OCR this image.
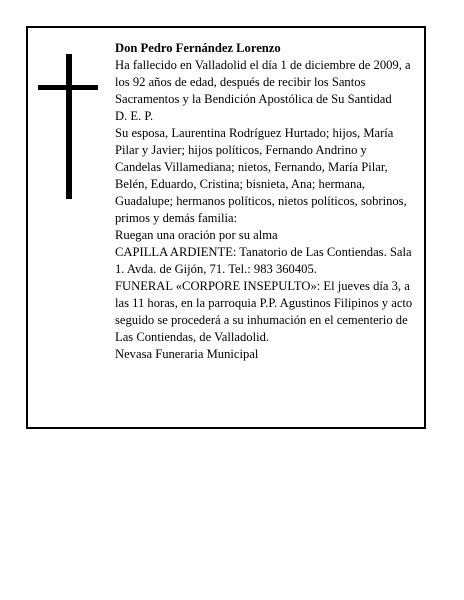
Don Pedro Fernández Lorenzo

Ha fallecido en Valladolid el día 1 de diciembre de 2009, a los 92 años de edad, después de recibir los Santos Sacramentos y la Bendición Apostólica de Su Santidad

D. E. P.

Su esposa, Laurentina Rodríguez Hurtado; hijos, María Pilar y Javier; hijos políticos, Fernando Andrino y Candelas Villamediana; nietos, Fernando, María Pilar, Belén, Eduardo, Cristina; bisnieta, Ana; hermana, Guadalupe; hermanos políticos, nietos políticos, sobrinos, primos y demás familia:

Ruegan una oración por su alma

CAPILLA ARDIENTE: Tanatorio de Las Contiendas. Sala 1. Avda. de Gijón, 71. Tel.: 983 360405.

FUNERAL «CORPORE INSEPULTO»: El jueves día 3, a las 11 horas, en la parroquia P.P. Agustinos Filipinos y acto seguido se procederá a su inhumación en el cementerio de Las Contiendas, de Valladolid.

Nevasa Funeraria Municipal
